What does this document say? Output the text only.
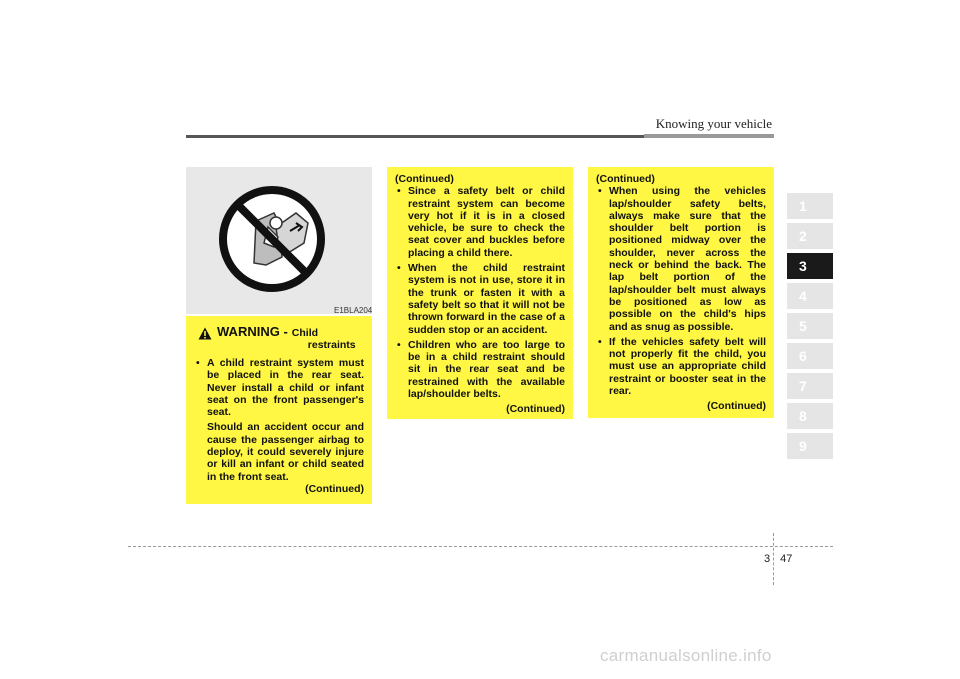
Knowing your vehicle
E1BLA204
WARNING - Child
restraints
• A child restraint system must be placed in the rear seat. Never install a child or infant seat on the front passenger's seat.

Should an accident occur and cause the passenger airbag to deploy, it could severely injure or kill an infant or child seated in the front seat.

(Continued)

(Continued)

• Since a safety belt or child restraint system can become very hot if it is in a closed vehicle, be sure to check the seat cover and buckles before placing a child there.
• When the child restraint system is not in use, store it in the trunk or fasten it with a safety belt so that it will not be thrown forward in the case of a sudden stop or an accident.
• Children who are too large to be in a child restraint should sit in the rear seat and be restrained with the available lap/shoulder belts.

(Continued)

(Continued)

• When using the vehicles lap/shoulder safety belts, always make sure that the shoulder belt portion is positioned midway over the shoulder, never across the neck or behind the back. The lap belt portion of the lap/shoulder belt must always be positioned as low as possible on the child's hips and as snug as possible.
• If the vehicles safety belt will not properly fit the child, you must use an appropriate child restraint or booster seat in the rear.

(Continued)

1
2
3
4
5
6
7
8
9
3 47
carmanualsonline.info
